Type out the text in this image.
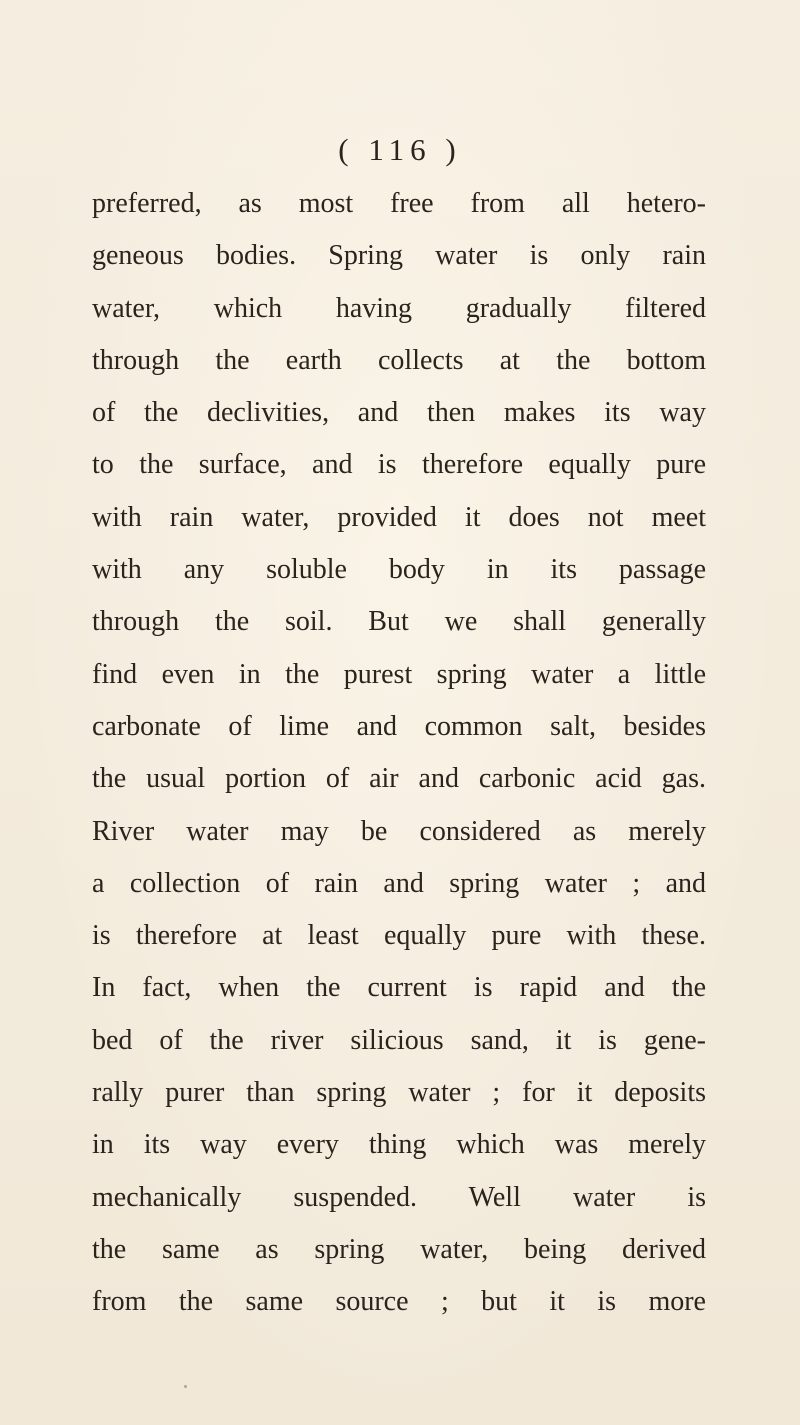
( 116 )
preferred, as most free from all hetero-
geneous bodies. Spring water is only rain
water, which having gradually filtered
through the earth collects at the bottom
of the declivities, and then makes its way
to the surface, and is therefore equally pure
with rain water, provided it does not meet
with any soluble body in its passage
through the soil. But we shall generally
find even in the purest spring water a little
carbonate of lime and common salt, besides
the usual portion of air and carbonic acid gas.
River water may be considered as merely
a collection of rain and spring water ; and
is therefore at least equally pure with these.
In fact, when the current is rapid and the
bed of the river silicious sand, it is gene-
rally purer than spring water ; for it deposits
in its way every thing which was merely
mechanically suspended. Well water is
the same as spring water, being derived
from the same source ; but it is more
